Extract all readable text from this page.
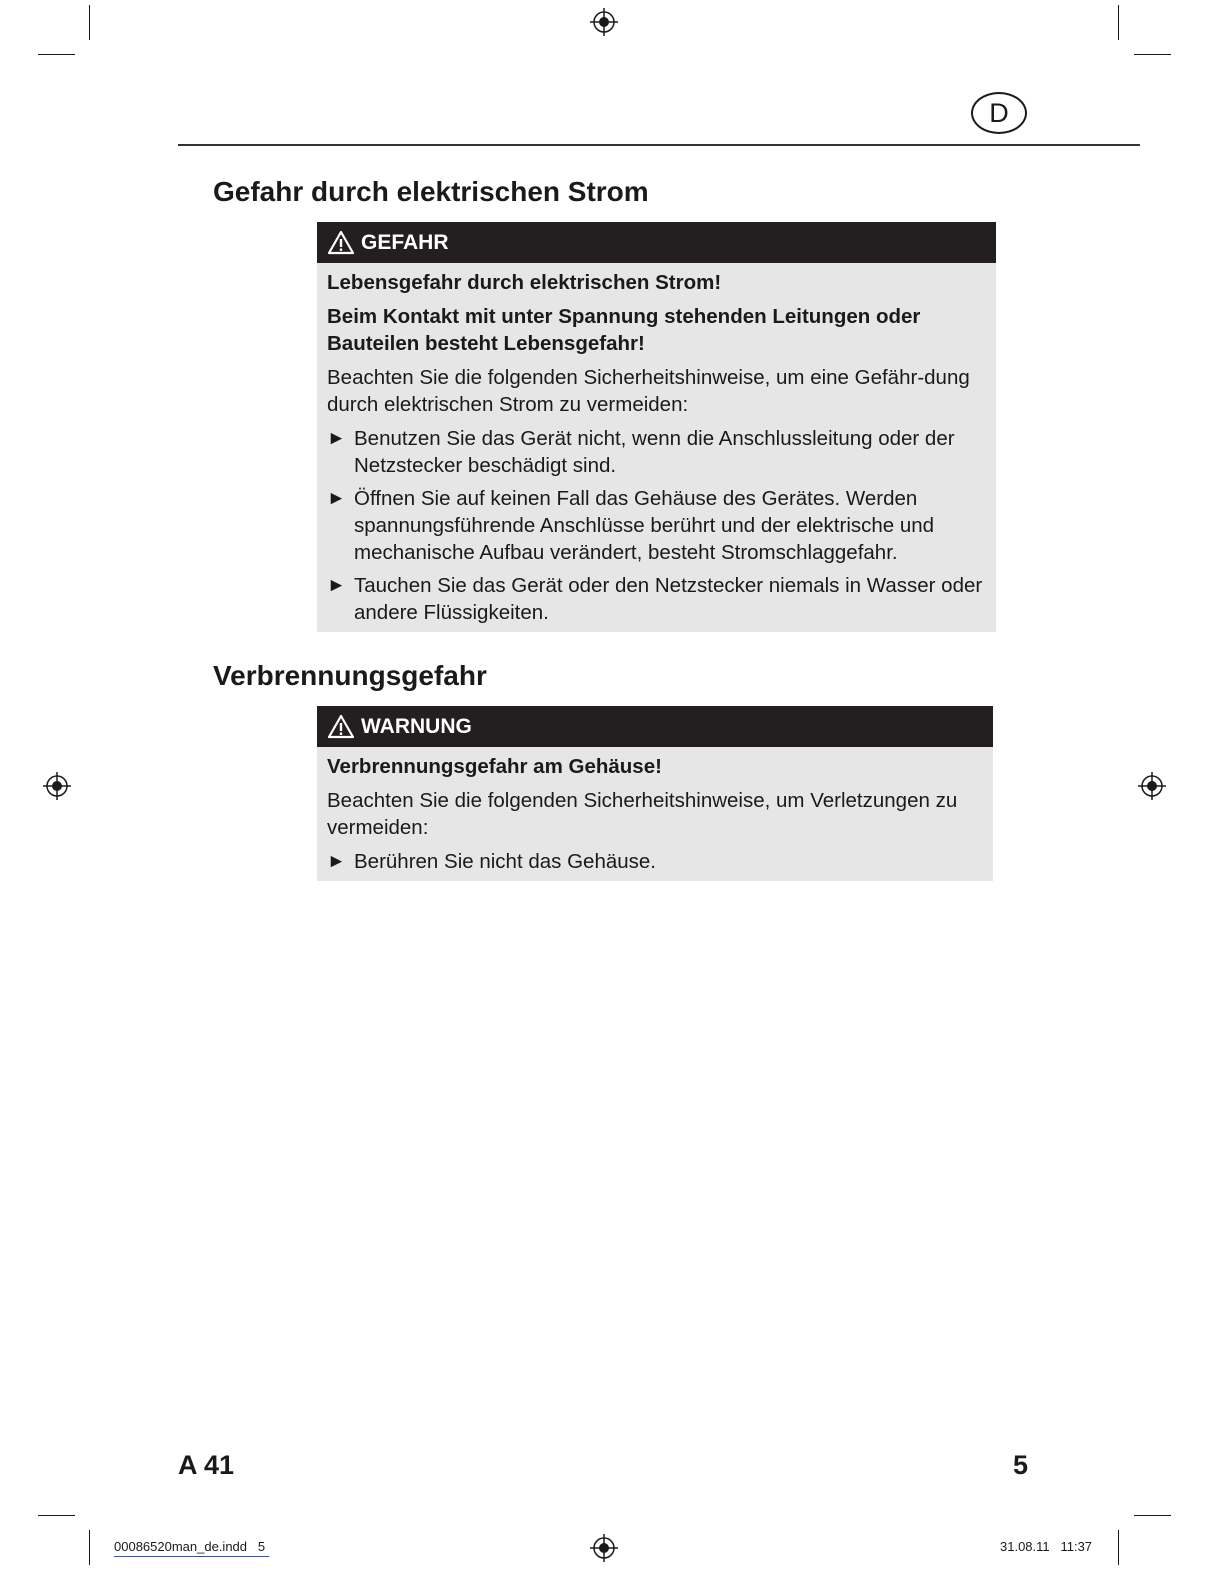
D
Gefahr durch elektrischen Strom
GEFAHR

Lebensgefahr durch elektrischen Strom!

Beim Kontakt mit unter Spannung stehenden Leitungen oder Bauteilen besteht Lebensgefahr!

Beachten Sie die folgenden Sicherheitshinweise, um eine Gefähr-dung durch elektrischen Strom zu vermeiden:

► Benutzen Sie das Gerät nicht, wenn die Anschlussleitung oder der Netzstecker beschädigt sind.
► Öffnen Sie auf keinen Fall das Gehäuse des Gerätes. Werden spannungsführende Anschlüsse berührt und der elektrische und mechanische Aufbau verändert, besteht Stromschlaggefahr.
► Tauchen Sie das Gerät oder den Netzstecker niemals in Wasser oder andere Flüssigkeiten.
Verbrennungsgefahr
WARNUNG

Verbrennungsgefahr am Gehäuse!

Beachten Sie die folgenden Sicherheitshinweise, um Verletzungen zu vermeiden:

► Berühren Sie nicht das Gehäuse.
A 41	5
00086520man_de.indd   5	31.08.11   11:37
